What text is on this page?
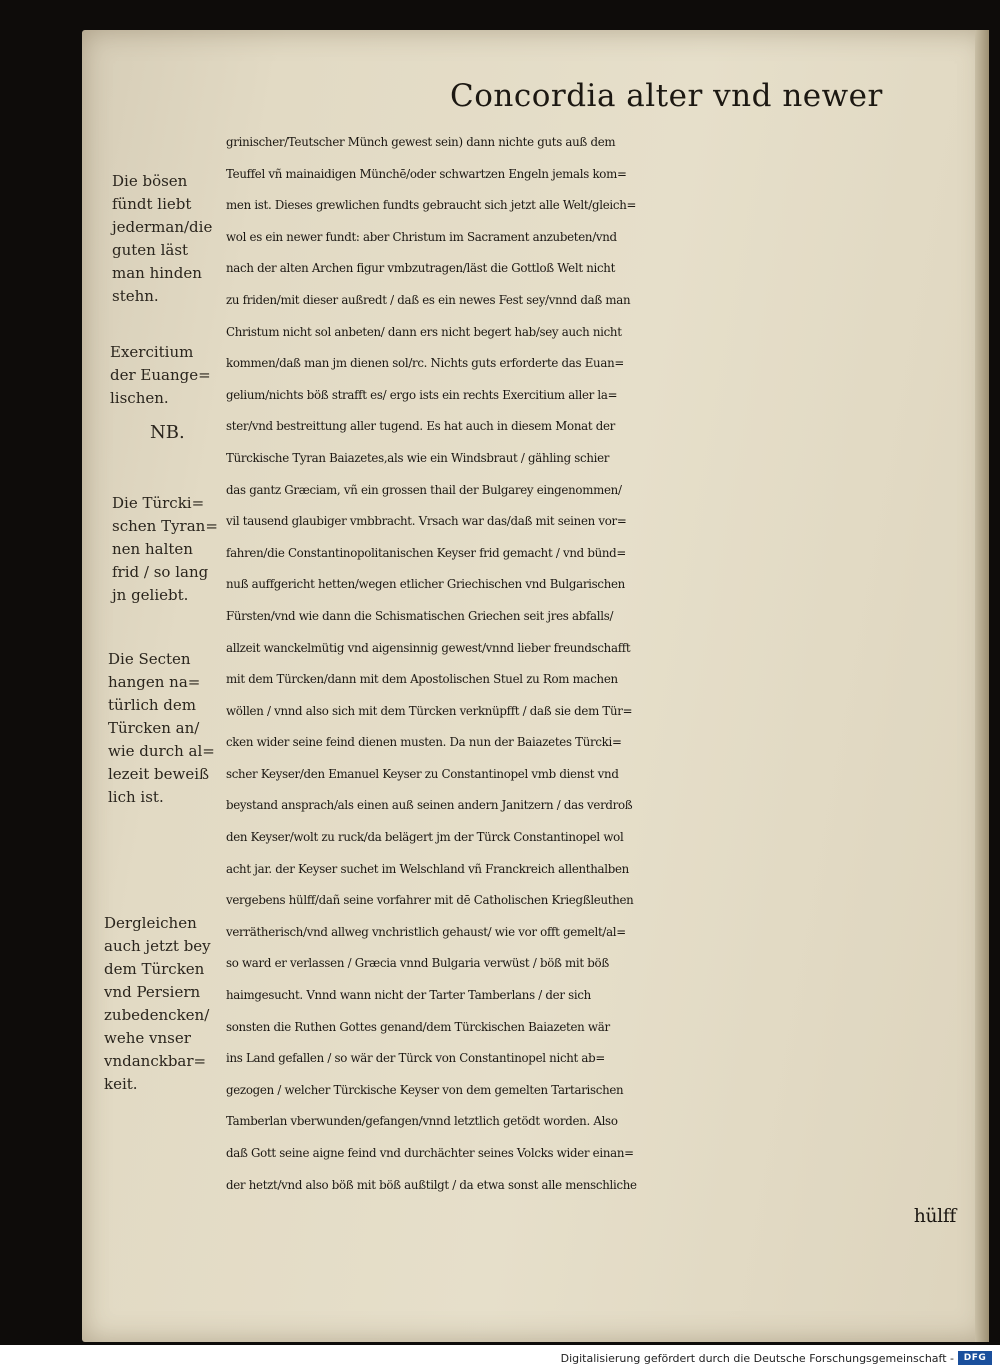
Concordia alter vnd newer
grinischer/Teutscher Münch gewest sein) dann nichte guts auß dem
Teuffel vñ mainaidigen Münchē/oder schwartzen Engeln jemals kom=
men ist. Dieses grewlichen fundts gebraucht sich jetzt alle Welt/gleich=
wol es ein newer fundt: aber Christum im Sacrament anzubeten/vnd
nach der alten Archen figur vmbzutragen/läst die Gottloß Welt nicht
zu friden/mit dieser außredt / daß es ein newes Fest sey/vnnd daß man
Christum nicht sol anbeten/ dann ers nicht begert hab/sey auch nicht
kommen/daß man jm dienen sol/rc. Nichts guts erforderte das Euan=
gelium/nichts böß strafft es/ ergo ists ein rechts Exercitium aller la=
ster/vnd bestreittung aller tugend. Es hat auch in diesem Monat der
Türckische Tyran Baiazetes,als wie ein Windsbraut / gähling schier
das gantz Græciam, vñ ein grossen thail der Bulgarey eingenommen/
vil tausend glaubiger vmbbracht. Vrsach war das/daß mit seinen vor=
fahren/die Constantinopolitanischen Keyser frid gemacht / vnd bünd=
nuß auffgericht hetten/wegen etlicher Griechischen vnd Bulgarischen
Fürsten/vnd wie dann die Schismatischen Griechen seit jres abfalls/
allzeit wanckelmütig vnd aigensinnig gewest/vnnd lieber freundschafft
mit dem Türcken/dann mit dem Apostolischen Stuel zu Rom machen
wöllen / vnnd also sich mit dem Türcken verknüpfft / daß sie dem Tür=
cken wider seine feind dienen musten. Da nun der Baiazetes Türcki=
scher Keyser/den Emanuel Keyser zu Constantinopel vmb dienst vnd
beystand ansprach/als einen auß seinen andern Janitzern / das verdroß
den Keyser/wolt zu ruck/da belägert jm der Türck Constantinopel wol
acht jar. der Keyser suchet im Welschland vñ Franckreich allenthalben
vergebens hülff/dañ seine vorfahrer mit dē Catholischen Kriegßleuthen
verrätherisch/vnd allweg vnchristlich gehaust/ wie vor offt gemelt/al=
so ward er verlassen / Græcia vnnd Bulgaria verwüst / böß mit böß
haimgesucht. Vnnd wann nicht der Tarter Tamberlans / der sich
sonsten die Ruthen Gottes genand/dem Türckischen Baiazeten wär
ins Land gefallen / so wär der Türck von Constantinopel nicht ab=
gezogen / welcher Türckische Keyser von dem gemelten Tartarischen
Tamberlan vberwunden/gefangen/vnnd letztlich getödt worden. Also
daß Gott seine aigne feind vnd durchächter seines Volcks wider einan=
der hetzt/vnd also böß mit böß außtilgt / da etwa sonst alle menschliche
hülff
Die bösen
fündt liebt
jederman/die
guten läst
man hinden
stehn.
Exercitium
der Euange=
lischen.
NB.
Die Türcki=
schen Tyran=
nen halten
frid / so lang
jn geliebt.
Die Secten
hangen na=
türlich dem
Türcken an/
wie durch al=
lezeit beweiß
lich ist.
Dergleichen
auch jetzt bey
dem Türcken
vnd Persiern
zubedencken/
wehe vnser
vndanckbar=
keit.
Digitalisierung gefördert durch die Deutsche Forschungsgemeinschaft -	DFG
